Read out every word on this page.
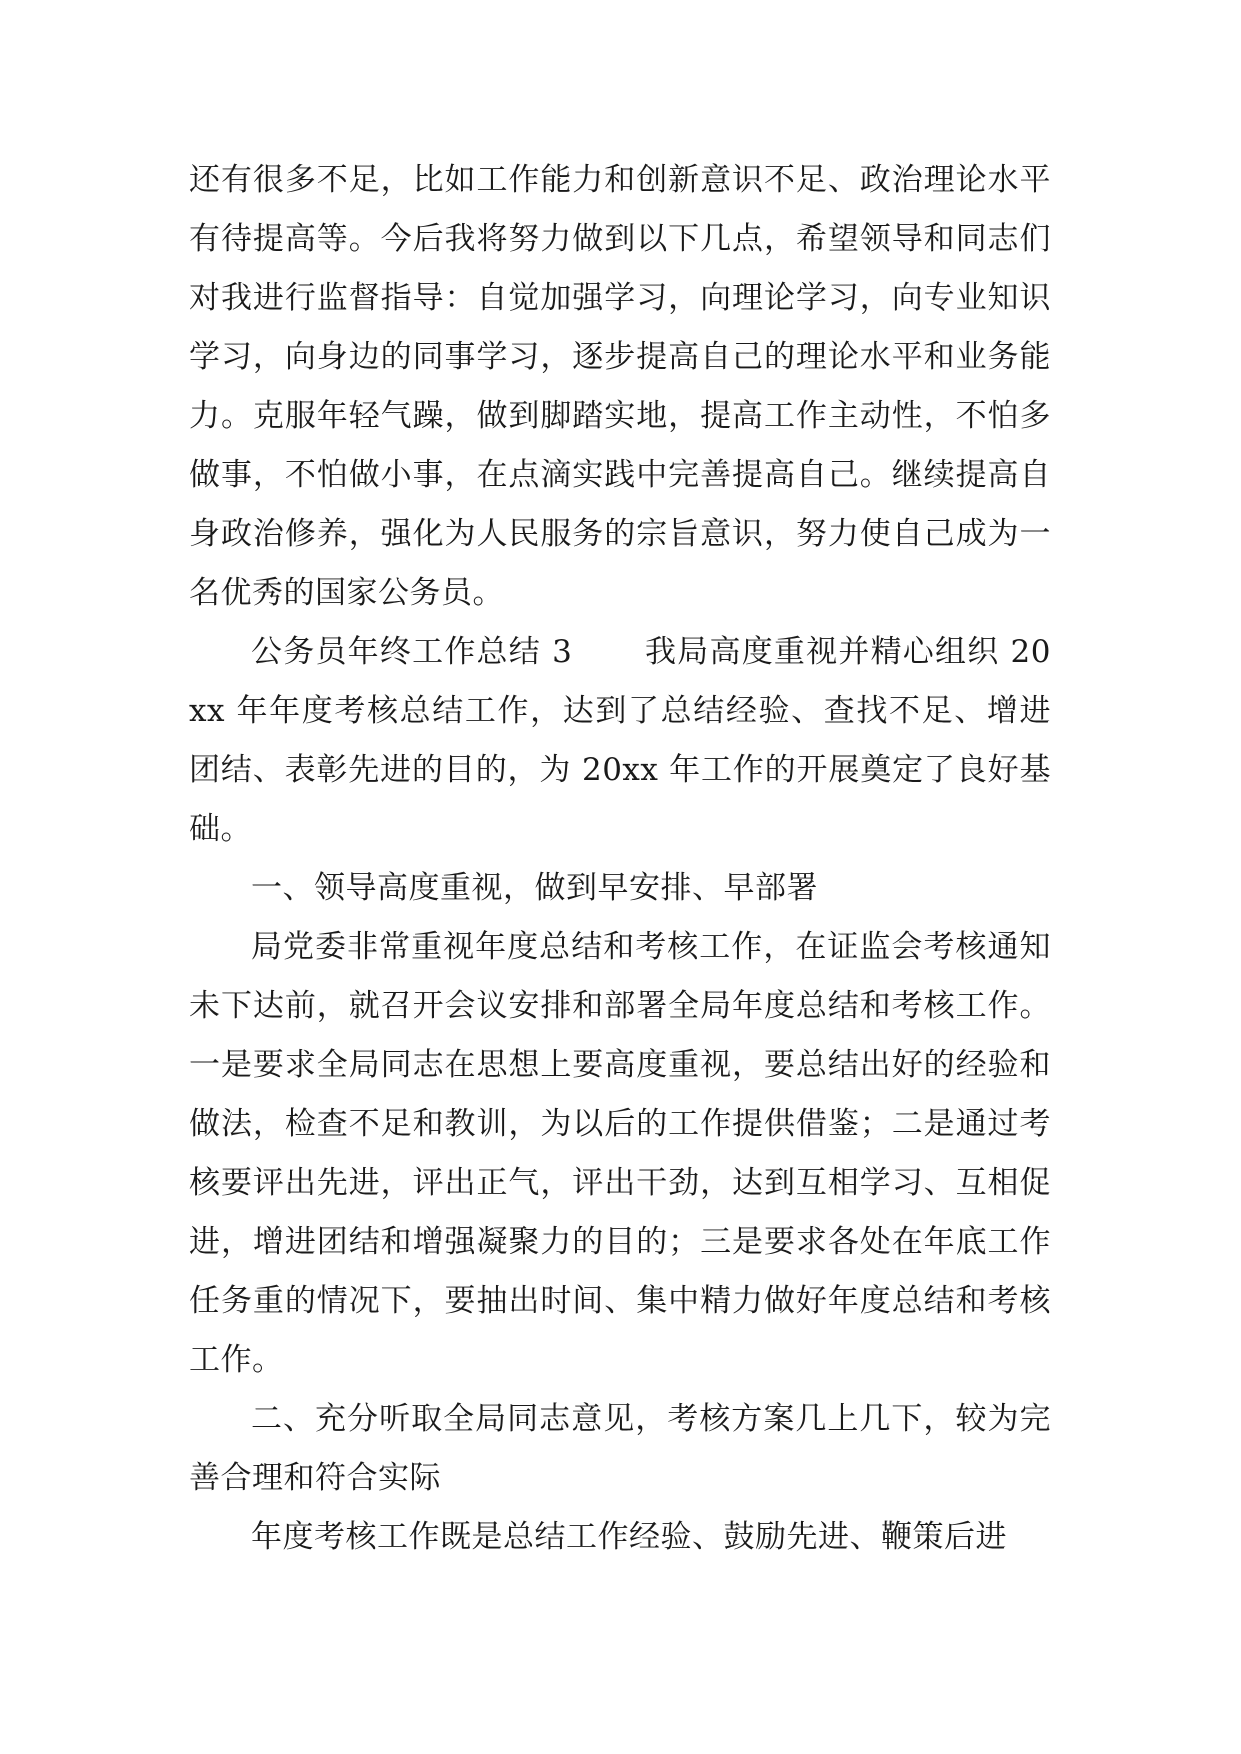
还有很多不足，比如工作能力和创新意识不足、政治理论水平有待提高等。今后我将努力做到以下几点，希望领导和同志们对我进行监督指导：自觉加强学习，向理论学习，向专业知识学习，向身边的同事学习，逐步提高自己的理论水平和业务能力。克服年轻气躁，做到脚踏实地，提高工作主动性，不怕多做事，不怕做小事，在点滴实践中完善提高自己。继续提高自身政治修养，强化为人民服务的宗旨意识，努力使自己成为一名优秀的国家公务员。

公务员年终工作总结 3 我局高度重视并精心组织 20xx 年年度考核总结工作，达到了总结经验、查找不足、增进团结、表彰先进的目的，为 20xx 年工作的开展奠定了良好基础。

一、领导高度重视，做到早安排、早部署

局党委非常重视年度总结和考核工作，在证监会考核通知未下达前，就召开会议安排和部署全局年度总结和考核工作。一是要求全局同志在思想上要高度重视，要总结出好的经验和做法，检查不足和教训，为以后的工作提供借鉴；二是通过考核要评出先进，评出正气，评出干劲，达到互相学习、互相促进，增进团结和增强凝聚力的目的；三是要求各处在年底工作任务重的情况下，要抽出时间、集中精力做好年度总结和考核工作。

二、充分听取全局同志意见，考核方案几上几下，较为完善合理和符合实际

年度考核工作既是总结工作经验、鼓励先进、鞭策后进
